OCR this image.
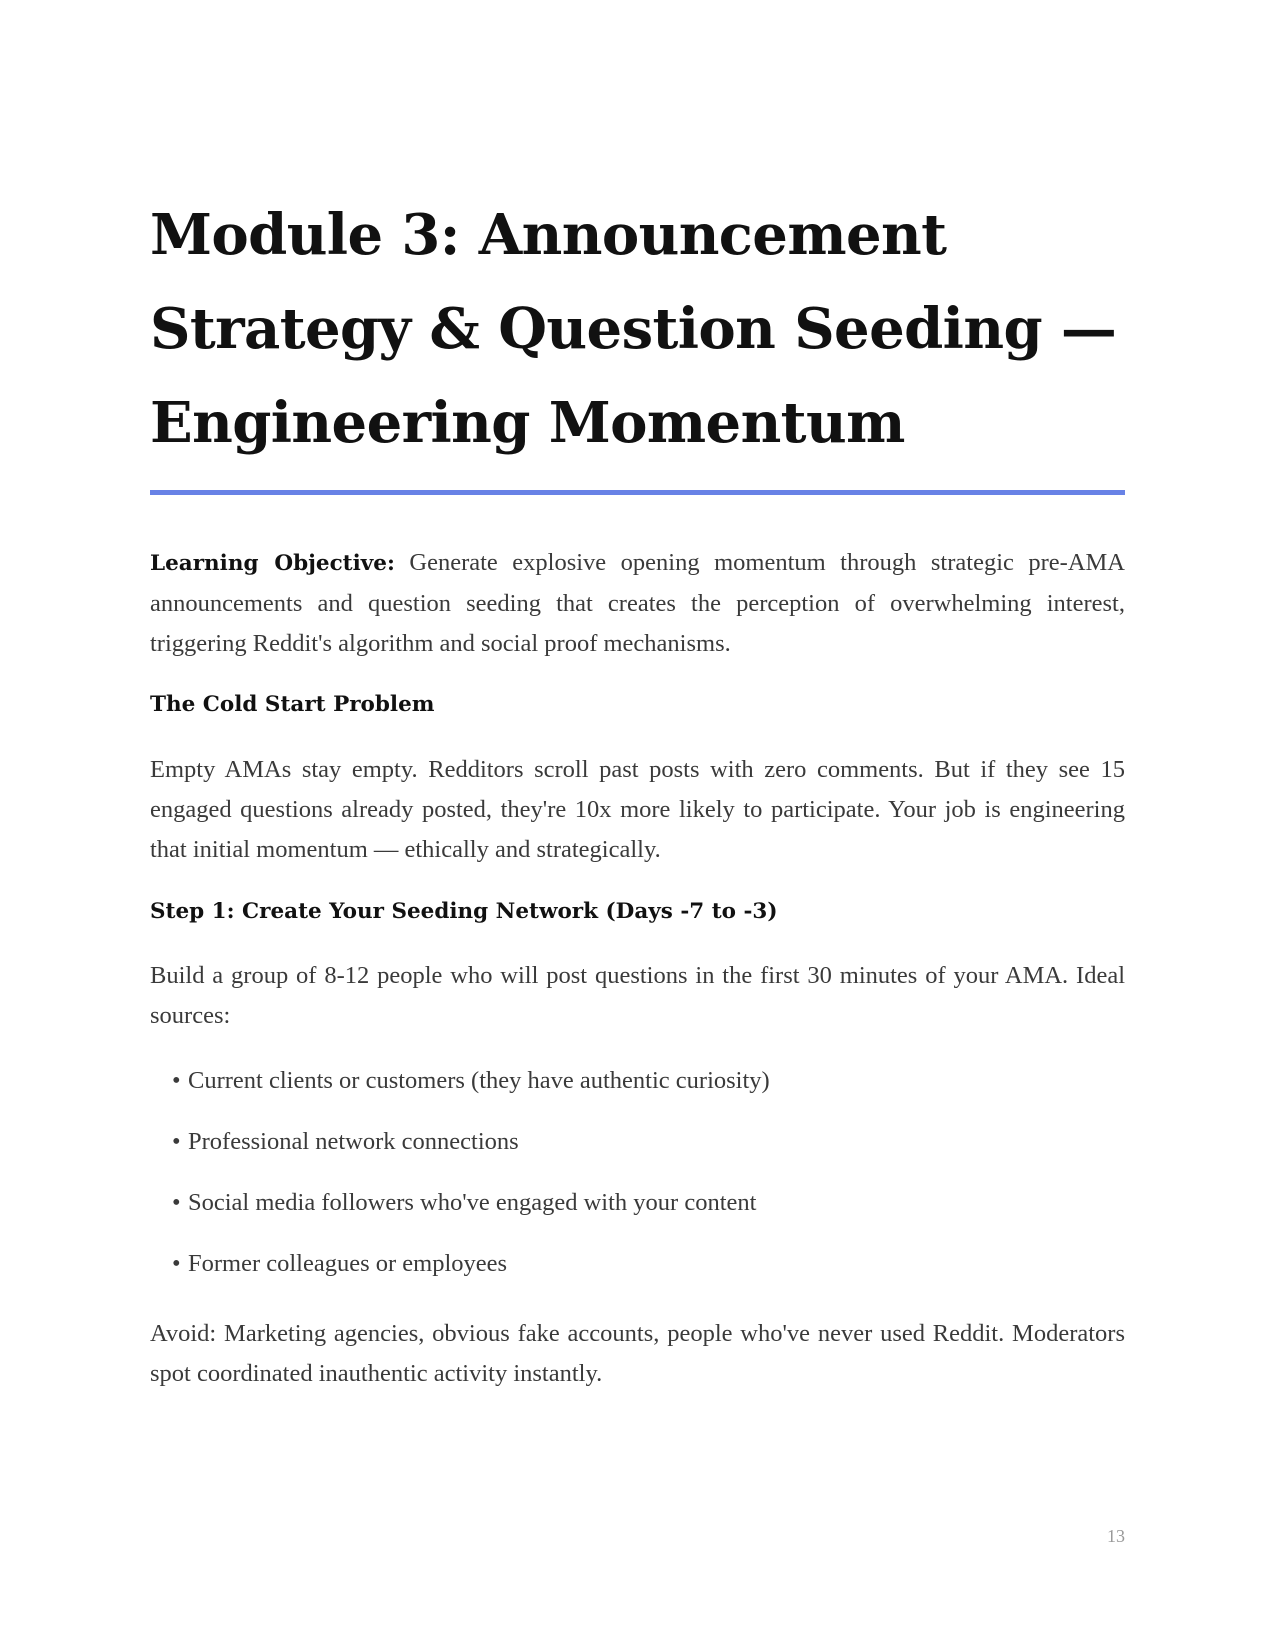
Module 3: Announcement
Strategy & Question Seeding —
Engineering Momentum

Learning Objective: Generate explosive opening momentum through strategic pre-AMA announcements and question seeding that creates the perception of overwhelming interest, triggering Reddit's algorithm and social proof mechanisms.

The Cold Start Problem

Empty AMAs stay empty. Redditors scroll past posts with zero comments. But if they see 15 engaged questions already posted, they're 10x more likely to participate. Your job is engineering that initial momentum — ethically and strategically.

Step 1: Create Your Seeding Network (Days -7 to -3)

Build a group of 8-12 people who will post questions in the first 30 minutes of your AMA. Ideal sources:

• Current clients or customers (they have authentic curiosity)
• Professional network connections
• Social media followers who've engaged with your content
• Former colleagues or employees

Avoid: Marketing agencies, obvious fake accounts, people who've never used Reddit. Moderators spot coordinated inauthentic activity instantly.

13
